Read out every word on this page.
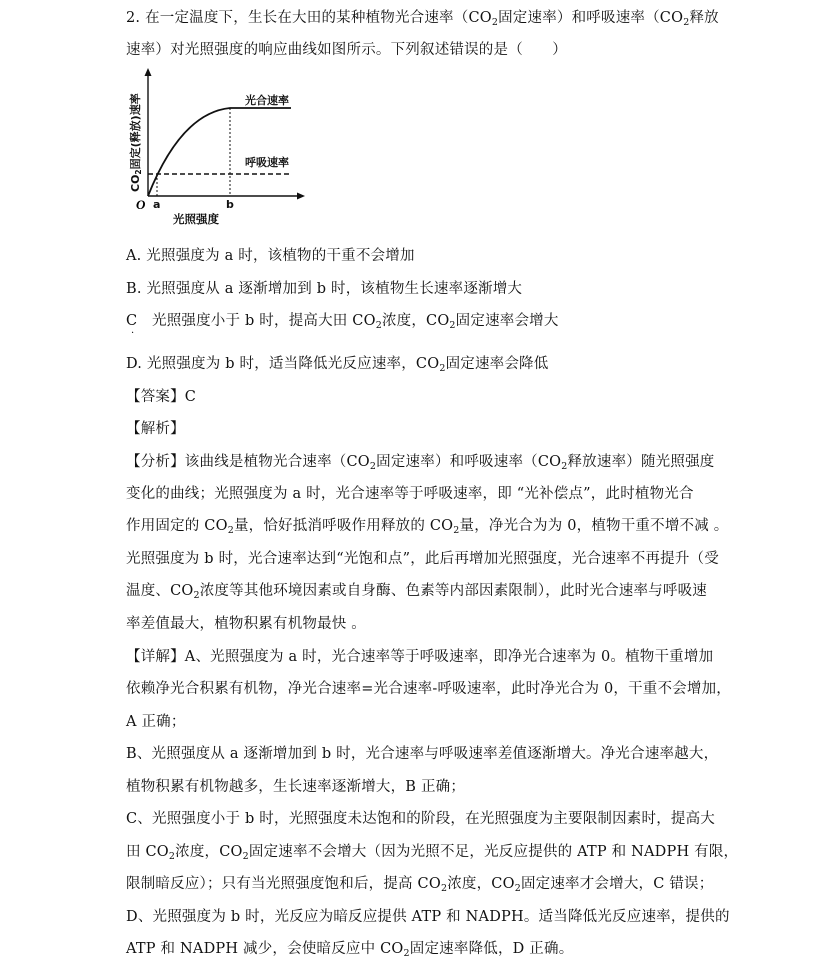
2. 在一定温度下，生长在大田的某种植物光合速率（$CO_2$固定速率）和呼吸速率（$CO_2$释放
速率）对光照强度的响应曲线如图所示。下列叙述错误的是（　　）
光合速率
呼吸速率
O a	b
光照强度
CO2固定(释放)速率
A. 光照强度为 a 时，该植物的干重不会增加
B. 光照强度从 a 逐渐增加到 b 时，该植物生长速率逐渐增大
C　光照强度小于 b 时，提高大田 $CO_2$浓度，$CO_2$固定速率会增大
·
D. 光照强度为 b 时，适当降低光反应速率，$CO_2$固定速率会降低
【答案】C
【解析】
【分析】该曲线是植物光合速率（$CO_2$固定速率）和呼吸速率（$CO_2$释放速率）随光照强度
变化的曲线；光照强度为 a 时，光合速率等于呼吸速率，即 “光补偿点”，此时植物光合
作用固定的 $CO_2$量，恰好抵消呼吸作用释放的 $CO_2$量，净光合为为 0，植物干重不增不减 。
光照强度为 b 时，光合速率达到“光饱和点”，此后再增加光照强度，光合速率不再提升（受
温度、$CO_2$浓度等其他环境因素或自身酶、色素等内部因素限制），此时光合速率与呼吸速
率差值最大，植物积累有机物最快 。
【详解】A、光照强度为 a 时，光合速率等于呼吸速率，即净光合速率为 0。植物干重增加
依赖净光合积累有机物，净光合速率=光合速率-呼吸速率，此时净光合为 0，干重不会增加，
A 正确；
B、光照强度从 a 逐渐增加到 b 时，光合速率与呼吸速率差值逐渐增大。净光合速率越大，
植物积累有机物越多，生长速率逐渐增大，B 正确；
C、光照强度小于 b 时，光照强度未达饱和的阶段，在光照强度为主要限制因素时，提高大
田 $CO_2$浓度，$CO_2$固定速率不会增大（因为光照不足，光反应提供的 ATP 和 NADPH 有限，
限制暗反应）；只有当光照强度饱和后，提高 $CO_2$浓度，$CO_2$固定速率才会增大，C 错误；
D、光照强度为 b 时，光反应为暗反应提供 ATP 和 NADPH。适当降低光反应速率，提供的
ATP 和 NADPH 减少，会使暗反应中 $CO_2$固定速率降低，D 正确。
